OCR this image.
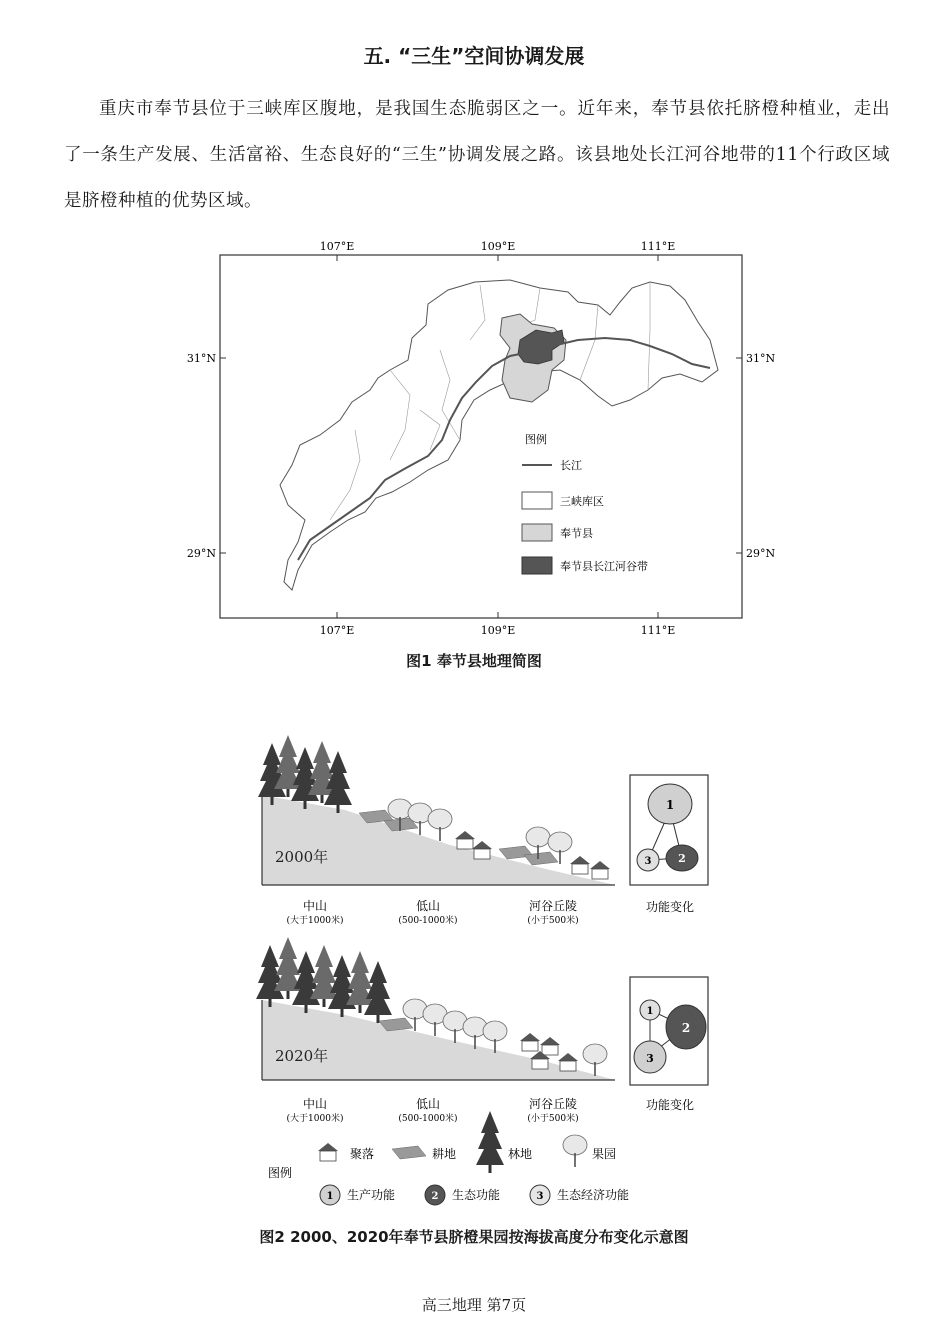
五. “三生”空间协调发展
重庆市奉节县位于三峡库区腹地，是我国生态脆弱区之一。近年来，奉节县依托脐橙种植业，走出了一条生产发展、生活富裕、生态良好的“三生”协调发展之路。该县地处长江河谷地带的11个行政区域是脐橙种植的优势区域。
107°E	109°E	111°E
107°E	109°E	111°E
31°N
29°N
31°N
29°N
图例
长江
三峡库区
奉节县
奉节县长江河谷带
图1 奉节县地理简图
2000年
中山
(大于1000米)
低山
(500-1000米)
河谷丘陵
(小于500米)
1
2
3
功能变化
2020年
中山
(大于1000米)
低山
(500-1000米)
河谷丘陵
(小于500米)
1
2
3
功能变化
图例
聚落	耕地	林地	果园
1 生产功能	2 生态功能	3 生态经济功能
图2 2000、2020年奉节县脐橙果园按海拔高度分布变化示意图
高三地理 第7页
